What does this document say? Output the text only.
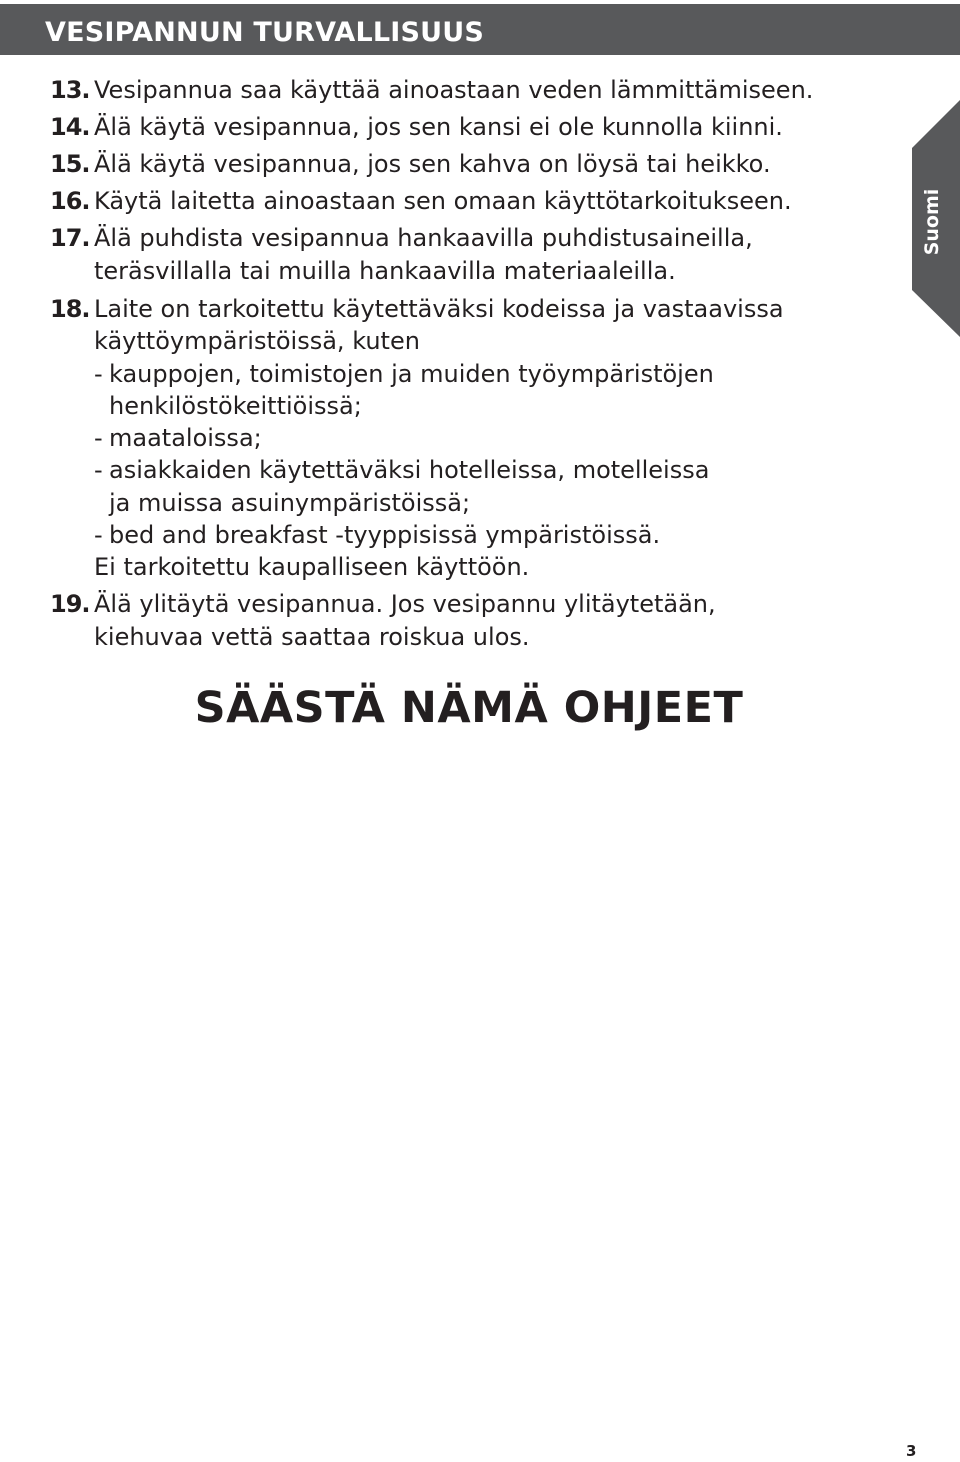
VESIPANNUN TURVALLISUUS
Suomi
13. Vesipannua saa käyttää ainoastaan veden lämmittämiseen.
14. Älä käytä vesipannua, jos sen kansi ei ole kunnolla kiinni.
15. Älä käytä vesipannua, jos sen kahva on löysä tai heikko.
16. Käytä laitetta ainoastaan sen omaan käyttötarkoitukseen.
17. Älä puhdista vesipannua hankaavilla puhdistusaineilla,
teräsvillalla tai muilla hankaavilla materiaaleilla.
18. Laite on tarkoitettu käytettäväksi kodeissa ja vastaavissa
käyttöympäristöissä, kuten
- kauppojen, toimistojen ja muiden työympäristöjen
henkilöstökeittiöissä;
- maataloissa;
- asiakkaiden käytettäväksi hotelleissa, motelleissa
ja muissa asuinympäristöissä;
- bed and breakfast -tyyppisissä ympäristöissä.
Ei tarkoitettu kaupalliseen käyttöön.
19. Älä ylitäytä vesipannua. Jos vesipannu ylitäytetään,
kiehuvaa vettä saattaa roiskua ulos.
SÄÄSTÄ NÄMÄ OHJEET
3
